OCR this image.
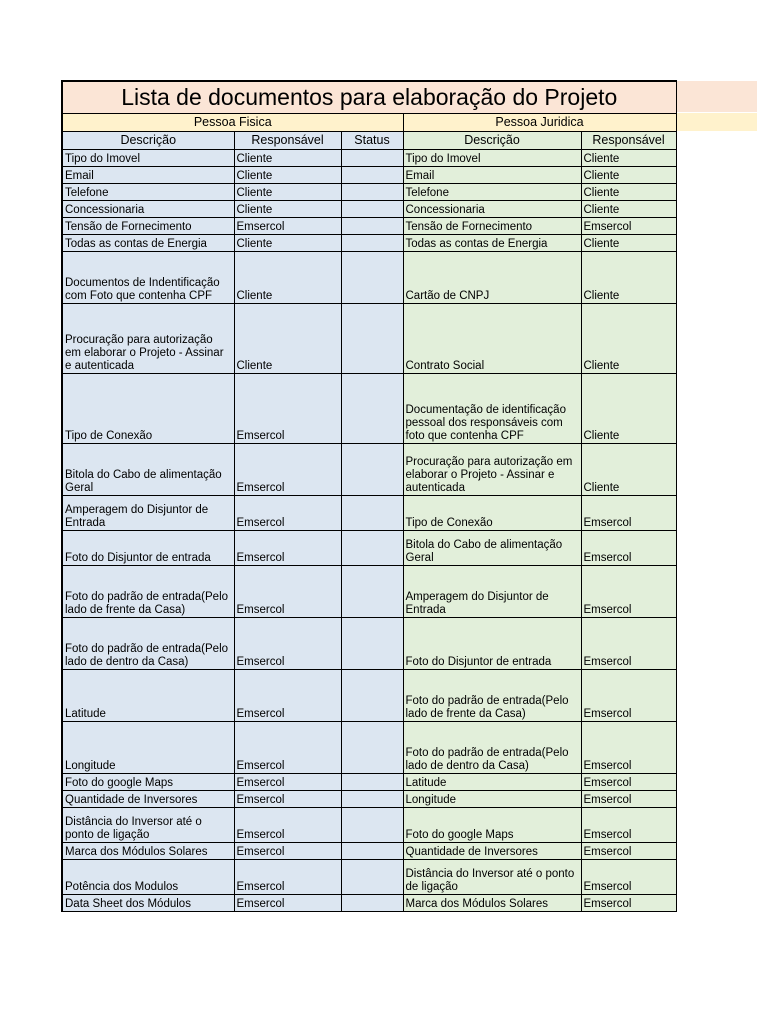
Lista de documentos para elaboração do Projeto				
Pessoa Fisica			Pessoa Juridica	
Descrição	Responsável	Status	Descrição	Responsável
Tipo do Imovel	Cliente		Tipo do Imovel	Cliente
Email	Cliente		Email	Cliente
Telefone	Cliente		Telefone	Cliente
Concessionaria	Cliente		Concessionaria	Cliente
Tensão de Fornecimento	Emsercol		Tensão de Fornecimento	Emsercol
Todas as contas de Energia	Cliente		Todas as contas de Energia	Cliente
Documentos de Indentificação com Foto que contenha CPF	Cliente		Cartão de CNPJ	Cliente
Procuração para autorização em elaborar o Projeto - Assinar e autenticada	Cliente		Contrato Social	Cliente
Tipo de Conexão	Emsercol		Documentação de identificação pessoal dos responsáveis com foto que contenha CPF	Cliente
Bitola do Cabo de alimentação Geral	Emsercol		Procuração para autorização em elaborar o Projeto - Assinar e autenticada	Cliente
Amperagem do Disjuntor de Entrada	Emsercol		Tipo de Conexão	Emsercol
Foto do Disjuntor de entrada	Emsercol		Bitola do Cabo de alimentação Geral	Emsercol
Foto do padrão de entrada(Pelo lado de frente da Casa)	Emsercol		Amperagem do Disjuntor de Entrada	Emsercol
Foto do padrão de entrada(Pelo lado de dentro da Casa)	Emsercol		Foto do Disjuntor de entrada	Emsercol
Latitude	Emsercol		Foto do padrão de entrada(Pelo lado de frente da Casa)	Emsercol
Longitude	Emsercol		Foto do padrão de entrada(Pelo lado de dentro da Casa)	Emsercol
Foto do google Maps	Emsercol		Latitude	Emsercol
Quantidade de Inversores	Emsercol		Longitude	Emsercol
Distância do Inversor até o ponto de ligação	Emsercol		Foto do google Maps	Emsercol
Marca dos Módulos Solares	Emsercol		Quantidade de Inversores	Emsercol
Potência dos Modulos	Emsercol		Distância do Inversor até o ponto de ligação	Emsercol
Data Sheet dos Módulos	Emsercol		Marca dos Módulos Solares	Emsercol
